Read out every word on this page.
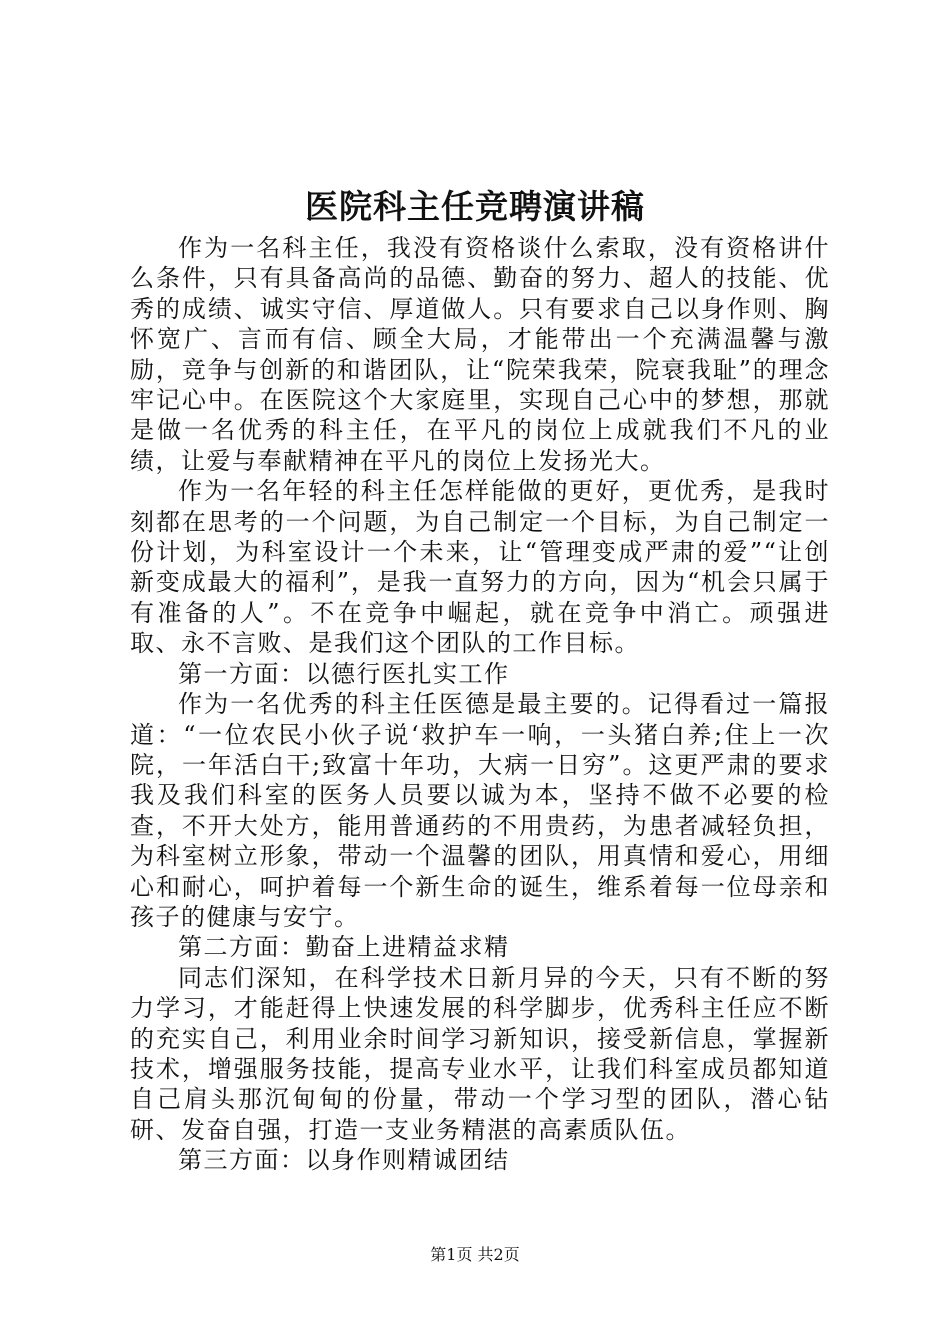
医院科主任竞聘演讲稿

作为一名科主任，我没有资格谈什么索取，没有资格讲什么条件，只有具备高尚的品德、勤奋的努力、超人的技能、优秀的成绩、诚实守信、厚道做人。只有要求自己以身作则、胸怀宽广、言而有信、顾全大局，才能带出一个充满温馨与激励，竞争与创新的和谐团队，让“院荣我荣，院衰我耻”的理念牢记心中。在医院这个大家庭里，实现自己心中的梦想，那就是做一名优秀的科主任，在平凡的岗位上成就我们不凡的业绩，让爱与奉献精神在平凡的岗位上发扬光大。

作为一名年轻的科主任怎样能做的更好，更优秀，是我时刻都在思考的一个问题，为自己制定一个目标，为自己制定一份计划，为科室设计一个未来，让“管理变成严肃的爱”“让创新变成最大的福利”，是我一直努力的方向，因为“机会只属于有准备的人”。不在竞争中崛起，就在竞争中消亡。顽强进取、永不言败、是我们这个团队的工作目标。

第一方面：以德行医扎实工作

作为一名优秀的科主任医德是最主要的。记得看过一篇报道：“一位农民小伙子说‘救护车一响，一头猪白养;住上一次院，一年活白干;致富十年功，大病一日穷”。这更严肃的要求我及我们科室的医务人员要以诚为本，坚持不做不必要的检查，不开大处方，能用普通药的不用贵药，为患者减轻负担，为科室树立形象，带动一个温馨的团队，用真情和爱心，用细心和耐心，呵护着每一个新生命的诞生，维系着每一位母亲和孩子的健康与安宁。

第二方面：勤奋上进精益求精

同志们深知，在科学技术日新月异的今天，只有不断的努力学习，才能赶得上快速发展的科学脚步，优秀科主任应不断的充实自己，利用业余时间学习新知识，接受新信息，掌握新技术，增强服务技能，提高专业水平，让我们科室成员都知道自己肩头那沉甸甸的份量，带动一个学习型的团队，潜心钻研、发奋自强，打造一支业务精湛的高素质队伍。

第三方面：以身作则精诚团结

第1页 共2页
